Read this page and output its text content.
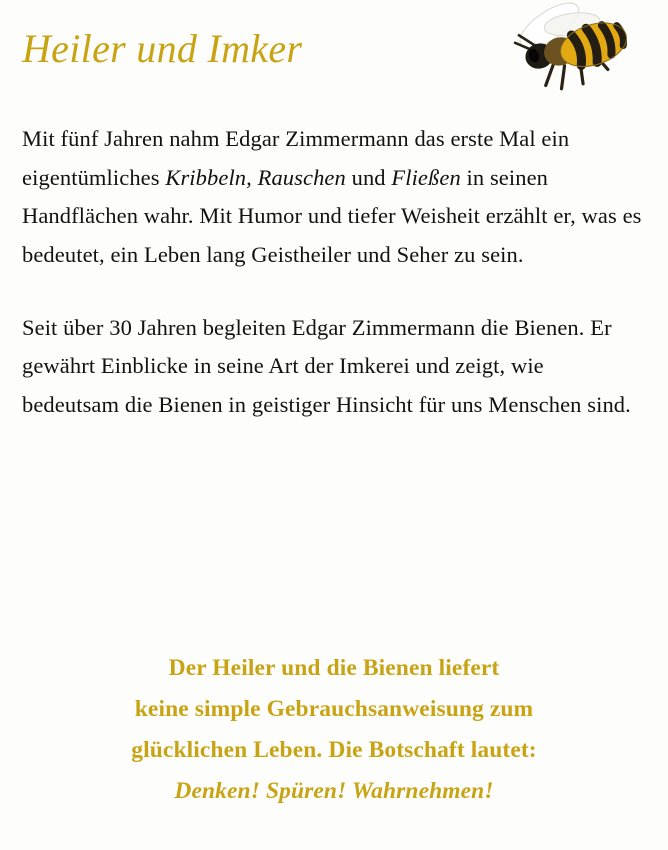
Heiler und Imker

Mit fünf Jahren nahm Edgar Zimmermann das erste Mal ein eigentümliches Kribbeln, Rauschen und Fließen in seinen Handflächen wahr. Mit Humor und tiefer Weisheit erzählt er, was es bedeutet, ein Leben lang Geistheiler und Seher zu sein.

Seit über 30 Jahren begleiten Edgar Zimmermann die Bienen. Er gewährt Einblicke in seine Art der Imkerei und zeigt, wie bedeutsam die Bienen in geistiger Hinsicht für uns Menschen sind.

Der Heiler und die Bienen liefert
keine simple Gebrauchsanweisung zum
glücklichen Leben. Die Botschaft lautet:
Denken! Spüren! Wahrnehmen!
